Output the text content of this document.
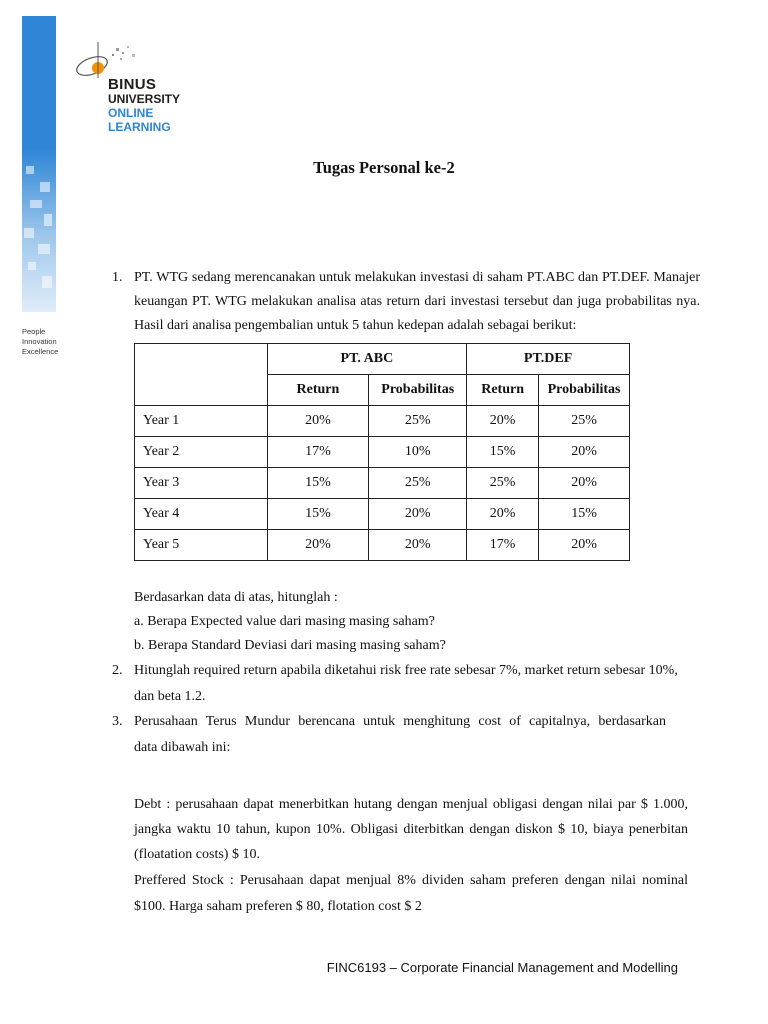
BINUS
UNIVERSITY
ONLINE
LEARNING
People
Innovation
Excellence
Tugas Personal ke-2
1. PT. WTG sedang merencanakan untuk melakukan investasi di saham PT.ABC dan PT.DEF. Manajer
keuangan PT. WTG melakukan analisa atas return dari investasi tersebut dan juga probabilitas nya.
Hasil dari analisa pengembalian untuk 5 tahun kedepan adalah sebagai berikut:
	PT. ABC		PT.DEF	
	Return	Probabilitas	Return	Probabilitas
Year 1	20%	25%	20%	25%
Year 2	17%	10%	15%	20%
Year 3	15%	25%	25%	20%
Year 4	15%	20%	20%	15%
Year 5	20%	20%	17%	20%
Berdasarkan data di atas, hitunglah :
a. Berapa Expected value dari masing masing saham?
b. Berapa Standard Deviasi dari masing masing saham?
2. Hitunglah required return apabila diketahui risk free rate sebesar 7%, market return sebesar 10%,
dan beta 1.2.
3. Perusahaan Terus Mundur berencana untuk menghitung cost of capitalnya, berdasarkan
data dibawah ini:
Debt : perusahaan dapat menerbitkan hutang dengan menjual obligasi dengan nilai par $ 1.000,
jangka waktu 10 tahun, kupon 10%. Obligasi diterbitkan dengan diskon $ 10, biaya penerbitan
(floatation costs) $ 10.
Preffered Stock : Perusahaan dapat menjual 8% dividen saham preferen dengan nilai nominal
$100. Harga saham preferen $ 80, flotation cost $ 2
FINC6193 – Corporate Financial Management and Modelling
